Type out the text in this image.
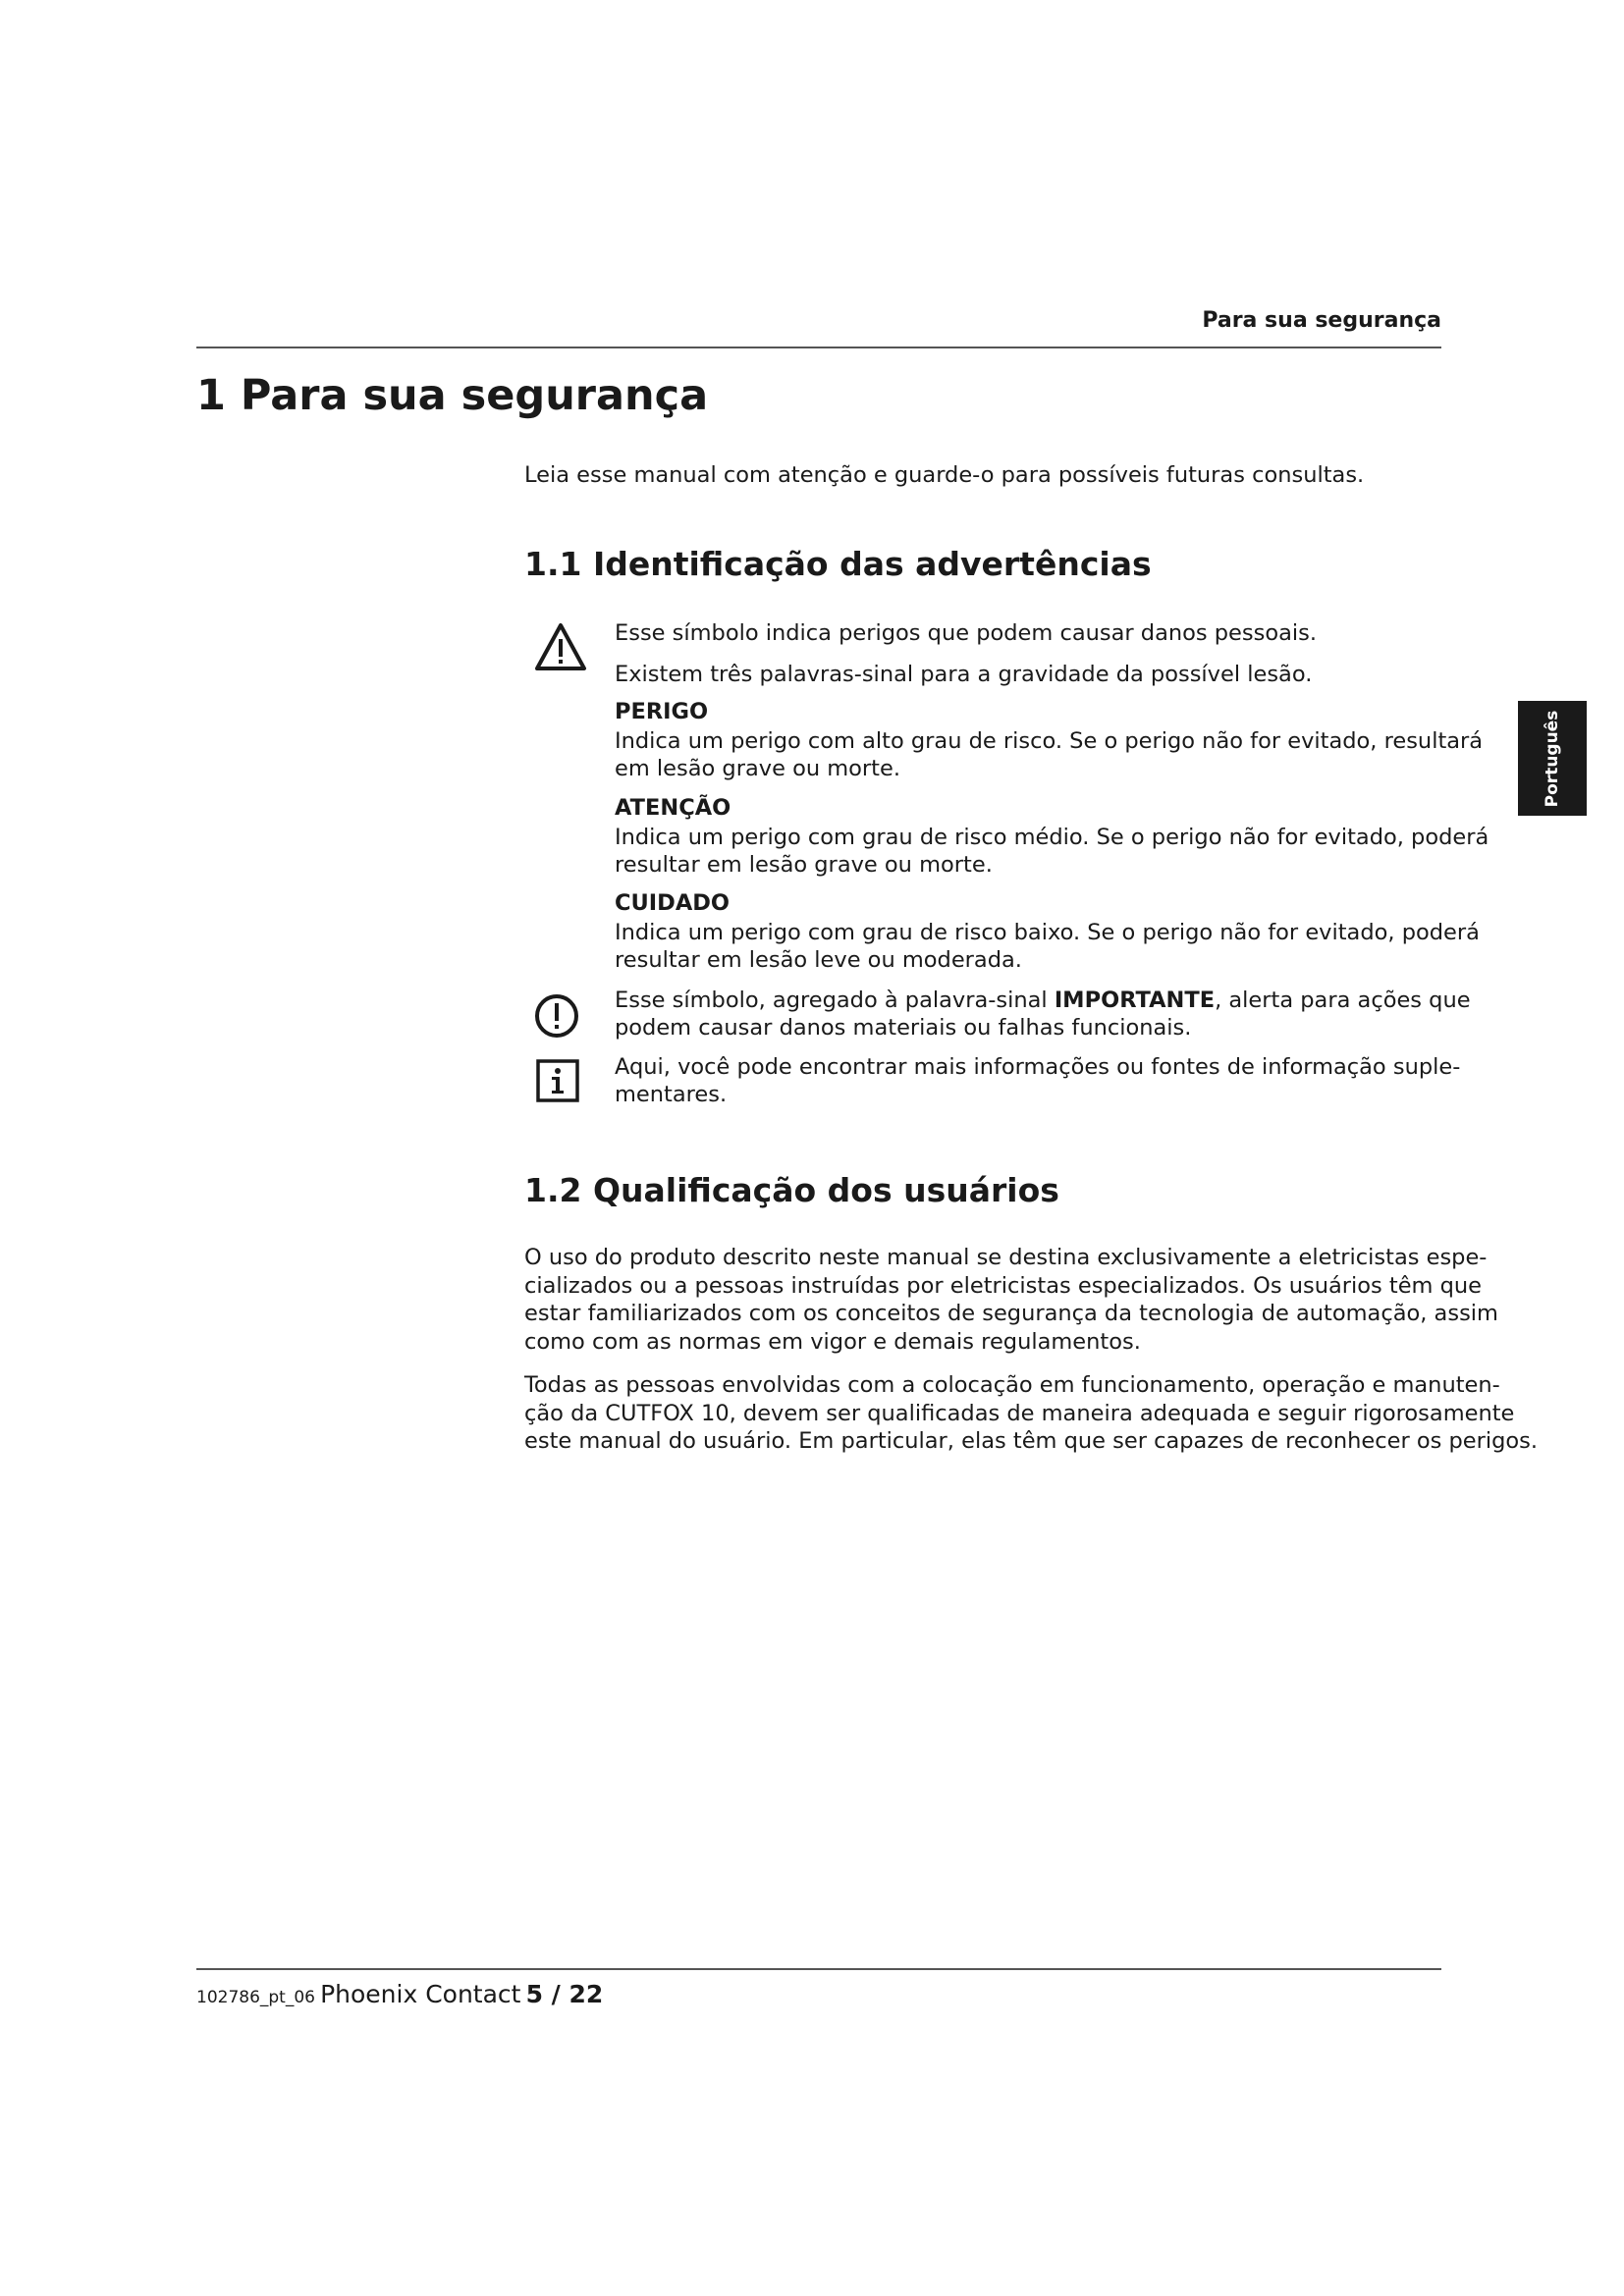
Para sua segurança
1 Para sua segurança
Leia esse manual com atenção e guarde-o para possíveis futuras consultas.
1.1 Identificação das advertências
Esse símbolo indica perigos que podem causar danos pessoais.
Existem três palavras-sinal para a gravidade da possível lesão.
PERIGO
Indica um perigo com alto grau de risco. Se o perigo não for evitado, resultará
em lesão grave ou morte.
ATENÇÃO
Indica um perigo com grau de risco médio. Se o perigo não for evitado, poderá
resultar em lesão grave ou morte.
CUIDADO
Indica um perigo com grau de risco baixo. Se o perigo não for evitado, poderá
resultar em lesão leve ou moderada.
Esse símbolo, agregado à palavra-sinal IMPORTANTE, alerta para ações que
podem causar danos materiais ou falhas funcionais.
Aqui, você pode encontrar mais informações ou fontes de informação suple-
mentares.
1.2 Qualificação dos usuários
O uso do produto descrito neste manual se destina exclusivamente a eletricistas espe-
cializados ou a pessoas instruídas por eletricistas especializados. Os usuários têm que
estar familiarizados com os conceitos de segurança da tecnologia de automação, assim
como com as normas em vigor e demais regulamentos.
Todas as pessoas envolvidas com a colocação em funcionamento, operação e manuten-
ção da CUTFOX 10, devem ser qualificadas de maneira adequada e seguir rigorosamente
este manual do usuário. Em particular, elas têm que ser capazes de reconhecer os perigos.
Português
102786_pt_06 Phoenix Contact 5 / 22
